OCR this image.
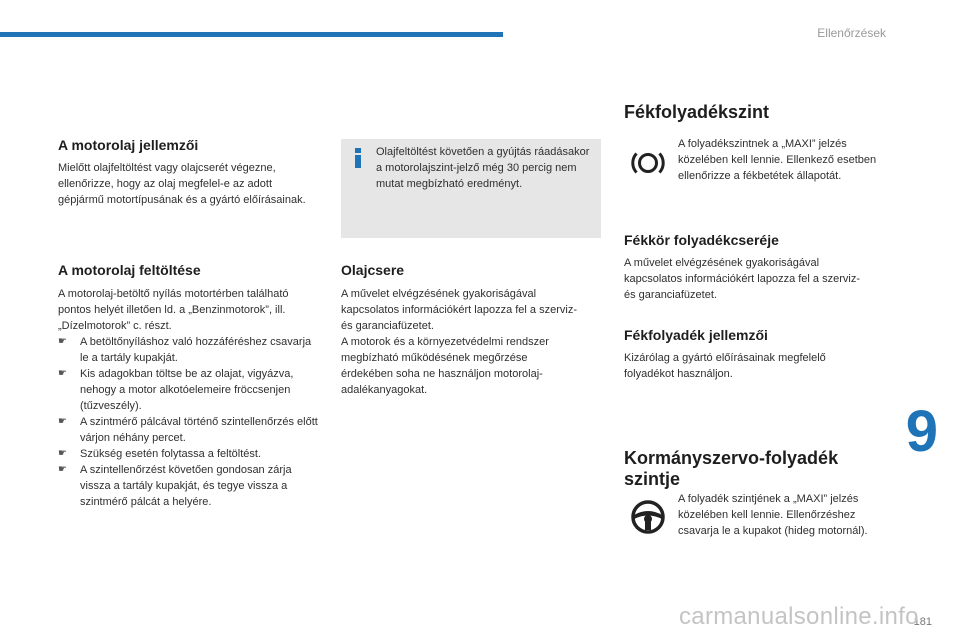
Ellenőrzések
A motorolaj jellemzői

Mielőtt olajfeltöltést vagy olajcserét végezne, ellenőrizze, hogy az olaj megfelel-e az adott gépjármű motortípusának és a gyártó előírásainak.

A motorolaj feltöltése

A motorolaj-betöltő nyílás motortérben található pontos helyét illetően ld. a „Benzinmotorok”, ill. „Dízelmotorok” c. részt.

☛ A betöltőnyíláshoz való hozzáféréshez csavarja le a tartály kupakját.
☛ Kis adagokban töltse be az olajat, vigyázva, nehogy a motor alkotóelemeire fröccsenjen (tűzveszély).
☛ A szintmérő pálcával történő szintellenőrzés előtt várjon néhány percet.
☛ Szükség esetén folytassa a feltöltést.
☛ A szintellenőrzést követően gondosan zárja vissza a tartály kupakját, és tegye vissza a szintmérő pálcát a helyére.

Olajfeltöltést követően a gyújtás ráadásakor a motorolajszint-jelző még 30 percig nem mutat megbízható eredményt.

Olajcsere

A művelet elvégzésének gyakoriságával kapcsolatos információkért lapozza fel a szerviz- és garanciafüzetet.

A motorok és a környezetvédelmi rendszer megbízható működésének megőrzése érdekében soha ne használjon motorolaj-adalékanyagokat.

Fékfolyadékszint

A folyadékszintnek a „MAXI” jelzés közelében kell lennie. Ellenkező esetben ellenőrizze a fékbetétek állapotát.

Fékkör folyadékcseréje

A művelet elvégzésének gyakoriságával kapcsolatos információkért lapozza fel a szerviz- és garanciafüzetet.

Fékfolyadék jellemzői

Kizárólag a gyártó előírásainak megfelelő folyadékot használjon.

Kormányszervo-folyadék szintje

A folyadék szintjének a „MAXI” jelzés közelében kell lennie. Ellenőrzéshez csavarja le a kupakot (hideg motornál).

9
181
carmanualsonline.info
